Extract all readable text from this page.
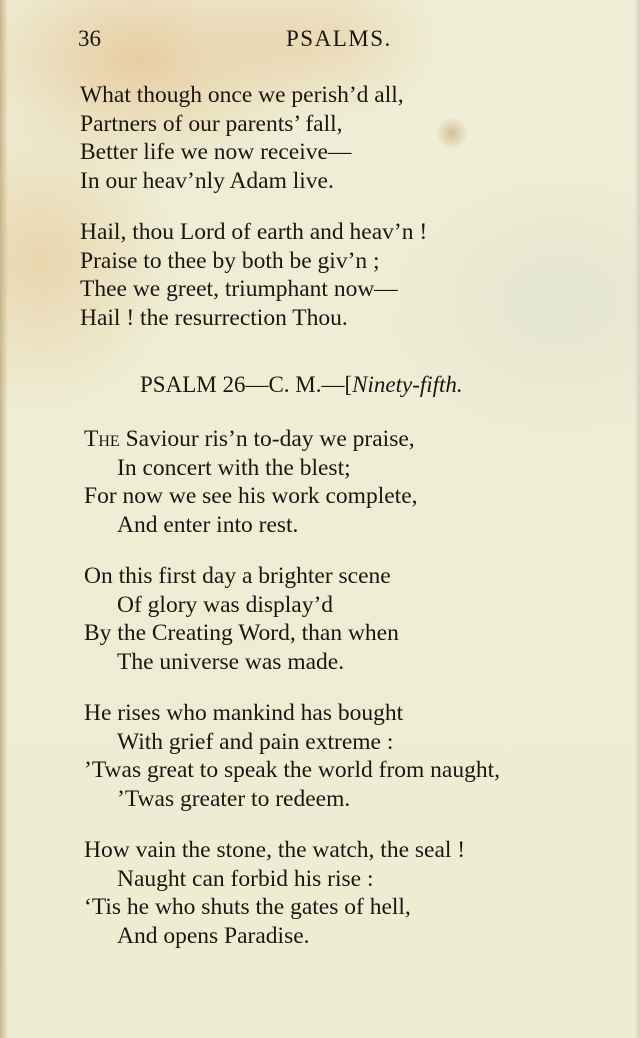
36	PSALMS.
What though once we perish’d all,
Partners of our parents’ fall,
Better life we now receive—
In our heav’nly Adam live.
Hail, thou Lord of earth and heav’n !
Praise to thee by both be giv’n ;
Thee we greet, triumphant now—
Hail ! the resurrection Thou.
PSALM 26—C. M.—[Ninety-fifth.
The Saviour ris’n to-day we praise,
In concert with the blest;
For now we see his work complete,
And enter into rest.
On this first day a brighter scene
Of glory was display’d
By the Creating Word, than when
The universe was made.
He rises who mankind has bought
With grief and pain extreme :
’Twas great to speak the world from naught,
’Twas greater to redeem.
How vain the stone, the watch, the seal !
Naught can forbid his rise :
‘Tis he who shuts the gates of hell,
And opens Paradise.
